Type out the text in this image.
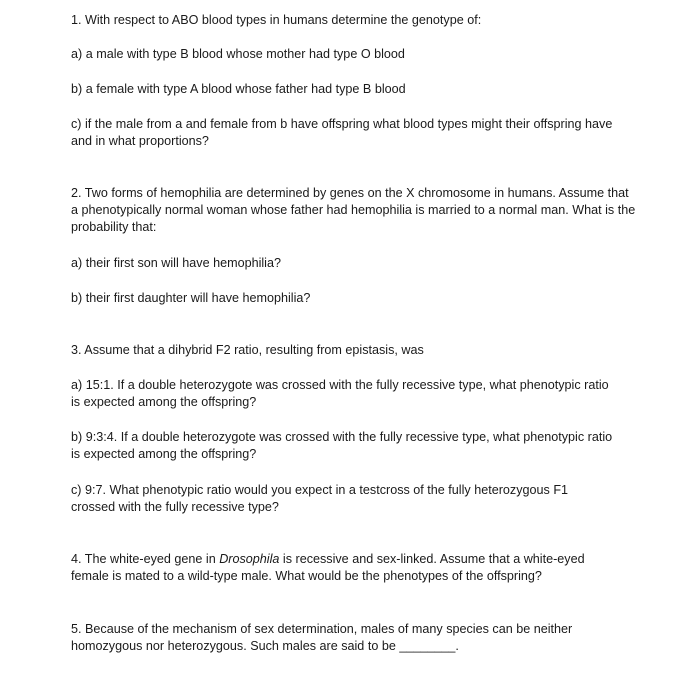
1. With respect to ABO blood types in humans determine the genotype of:

a) a male with type B blood whose mother had type O blood

b) a female with type A blood whose father had type B blood

c) if the male from a and female from b have offspring what blood types might their offspring have and in what proportions?

2. Two forms of hemophilia are determined by genes on the X chromosome in humans. Assume that a phenotypically normal woman whose father had hemophilia is married to a normal man. What is the probability that:

a) their first son will have hemophilia?

b) their first daughter will have hemophilia?

3. Assume that a dihybrid F2 ratio, resulting from epistasis, was

a) 15:1. If a double heterozygote was crossed with the fully recessive type, what phenotypic ratio is expected among the offspring?

b) 9:3:4. If a double heterozygote was crossed with the fully recessive type, what phenotypic ratio is expected among the offspring?

c) 9:7. What phenotypic ratio would you expect in a testcross of the fully heterozygous F1 crossed with the fully recessive type?

4. The white-eyed gene in Drosophila is recessive and sex-linked. Assume that a white-eyed female is mated to a wild-type male. What would be the phenotypes of the offspring?

5. Because of the mechanism of sex determination, males of many species can be neither homozygous nor heterozygous. Such males are said to be ________.
